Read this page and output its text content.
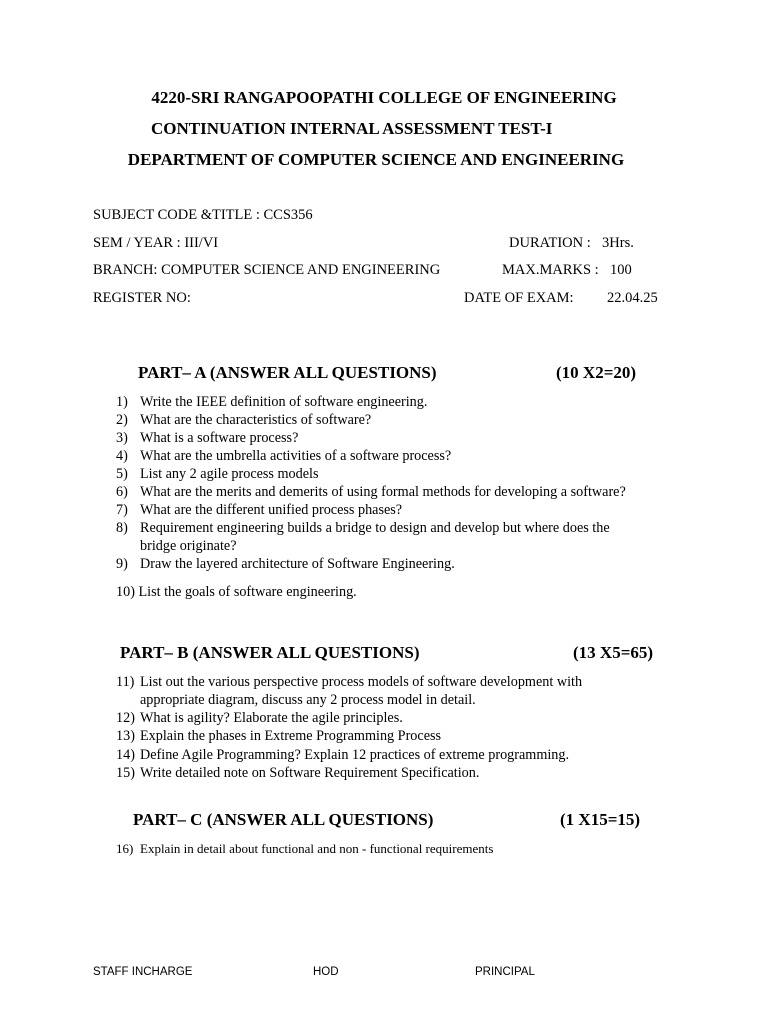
4220-SRI RANGAPOOPATHI COLLEGE OF ENGINEERING
CONTINUATION INTERNAL ASSESSMENT TEST-I
DEPARTMENT OF COMPUTER SCIENCE AND ENGINEERING
SUBJECT CODE &TITLE : CCS356
SEM / YEAR : III/VI	DURATION : 3Hrs.
BRANCH: COMPUTER SCIENCE AND ENGINEERING	MAX.MARKS : 100
REGISTER NO:	DATE OF EXAM: 22.04.25
PART– A (ANSWER ALL QUESTIONS)	(10 X2=20)
1) Write the IEEE definition of software engineering.
2) What are the characteristics of software?
3) What is a software process?
4) What are the umbrella activities of a software process?
5) List any 2 agile process models
6) What are the merits and demerits of using formal methods for developing a software?
7) What are the different unified process phases?
8) Requirement engineering builds a bridge to design and develop but where does the
bridge originate?
9) Draw the layered architecture of Software Engineering.
10) List the goals of software engineering.
PART– B (ANSWER ALL QUESTIONS)	(13 X5=65)
11) List out the various perspective process models of software development with
appropriate diagram, discuss any 2 process model in detail.
12) What is agility? Elaborate the agile principles.
13) Explain the phases in Extreme Programming Process
14) Define Agile Programming? Explain 12 practices of extreme programming.
15) Write detailed note on Software Requirement Specification.
PART– C (ANSWER ALL QUESTIONS)	(1 X15=15)
16) Explain in detail about functional and non - functional requirements
STAFF INCHARGE	HOD	PRINCIPAL
